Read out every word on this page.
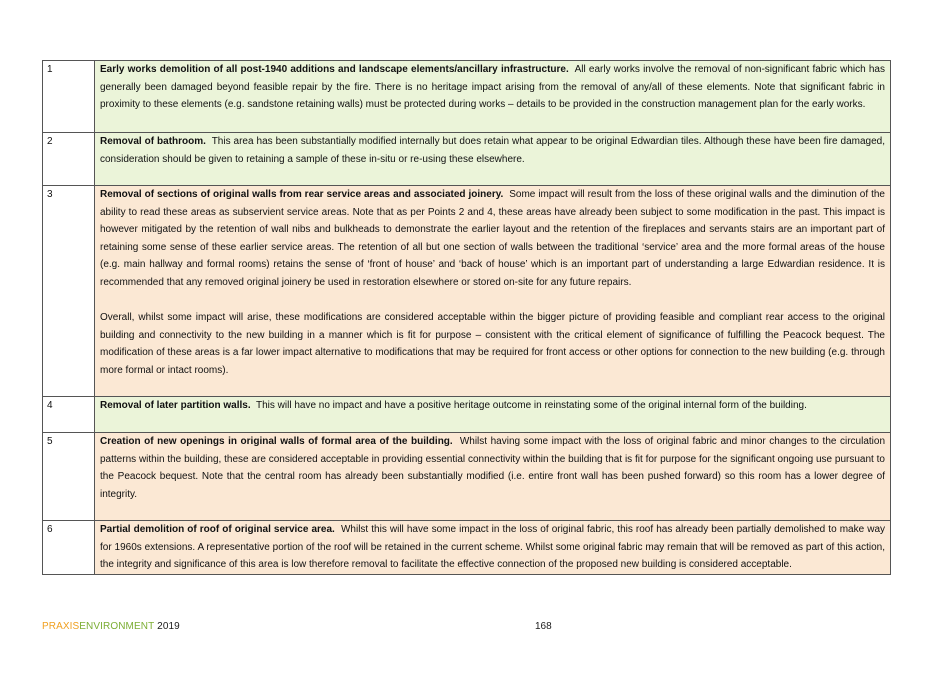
1	Early works demolition of all post-1940 additions and landscape elements/ancillary infrastructure. All early works involve the removal of non-significant fabric which has generally been damaged beyond feasible repair by the fire. There is no heritage impact arising from the removal of any/all of these elements. Note that significant fabric in proximity to these elements (e.g. sandstone retaining walls) must be protected during works – details to be provided in the construction management plan for the early works.

2	Removal of bathroom. This area has been substantially modified internally but does retain what appear to be original Edwardian tiles. Although these have been fire damaged, consideration should be given to retaining a sample of these in-situ or re-using these elsewhere.

3	Removal of sections of original walls from rear service areas and associated joinery. Some impact will result from the loss of these original walls and the diminution of the ability to read these areas as subservient service areas. Note that as per Points 2 and 4, these areas have already been subject to some modification in the past. This impact is however mitigated by the retention of wall nibs and bulkheads to demonstrate the earlier layout and the retention of the fireplaces and servants stairs are an important part of retaining some sense of these earlier service areas. The retention of all but one section of walls between the traditional ‘service’ area and the more formal areas of the house (e.g. main hallway and formal rooms) retains the sense of ‘front of house’ and ‘back of house’ which is an important part of understanding a large Edwardian residence. It is recommended that any removed original joinery be used in restoration elsewhere or stored on-site for any future repairs.

Overall, whilst some impact will arise, these modifications are considered acceptable within the bigger picture of providing feasible and compliant rear access to the original building and connectivity to the new building in a manner which is fit for purpose – consistent with the critical element of significance of fulfilling the Peacock bequest. The modification of these areas is a far lower impact alternative to modifications that may be required for front access or other options for connection to the new building (e.g. through more formal or intact rooms).

4	Removal of later partition walls. This will have no impact and have a positive heritage outcome in reinstating some of the original internal form of the building.

5	Creation of new openings in original walls of formal area of the building. Whilst having some impact with the loss of original fabric and minor changes to the circulation patterns within the building, these are considered acceptable in providing essential connectivity within the building that is fit for purpose for the significant ongoing use pursuant to the Peacock bequest. Note that the central room has already been substantially modified (i.e. entire front wall has been pushed forward) so this room has a lower degree of integrity.

6	Partial demolition of roof of original service area. Whilst this will have some impact in the loss of original fabric, this roof has already been partially demolished to make way for 1960s extensions. A representative portion of the roof will be retained in the current scheme. Whilst some original fabric may remain that will be removed as part of this action, the integrity and significance of this area is low therefore removal to facilitate the effective connection of the proposed new building is considered acceptable.

PRAXISENVIRONMENT 2019	168
